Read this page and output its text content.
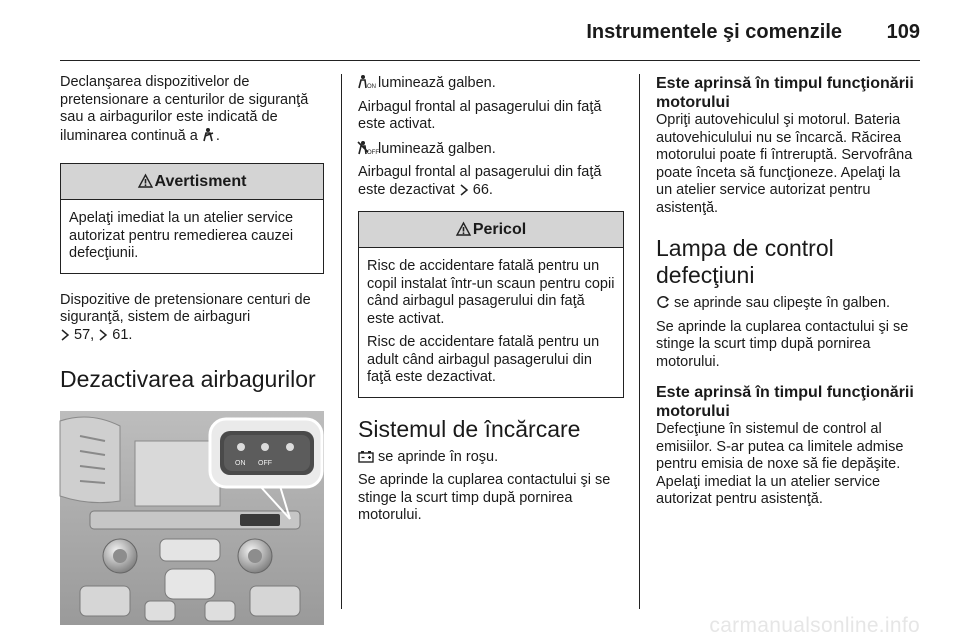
Instrumentele şi comenzile 109

Declanşarea dispozitivelor de pretensionare a centurilor de siguranţă sau a airbagurilor este indicată de iluminarea continuă a .

Avertisment

Apelaţi imediat la un atelier service autorizat pentru remedierea cauzei defecţiunii.

Dispozitive de pretensionare centuri de siguranţă, sistem de airbaguri
57, 61.

Dezactivarea airbagurilor
ON OFF

ON luminează galben.

Airbagul frontal al pasagerului din faţă este activat.

OFF luminează galben.

Airbagul frontal al pasagerului din faţă este dezactivat 66.

Pericol

Risc de accidentare fatală pentru un copil instalat într-un scaun pentru copii când airbagul pasagerului din faţă este activat.

Risc de accidentare fatală pentru un adult când airbagul pasagerului din faţă este dezactivat.

Sistemul de încărcare

se aprinde în roşu.

Se aprinde la cuplarea contactului şi se stinge la scurt timp după pornirea motorului.

Este aprinsă în timpul funcţionării motorului

Opriţi autovehiculul şi motorul. Bateria autovehiculului nu se încarcă. Răcirea motorului poate fi întreruptă. Servofrâna poate înceta să funcţioneze. Apelaţi la un atelier service autorizat pentru asistenţă.

Lampa de control defecţiuni

se aprinde sau clipeşte în galben.

Se aprinde la cuplarea contactului şi se stinge la scurt timp după pornirea motorului.

Este aprinsă în timpul funcţionării motorului

Defecţiune în sistemul de control al emisiilor. S-ar putea ca limitele admise pentru emisia de noxe să fie depăşite. Apelaţi imediat la un atelier service autorizat pentru asistenţă.

carmanualsonline.info
